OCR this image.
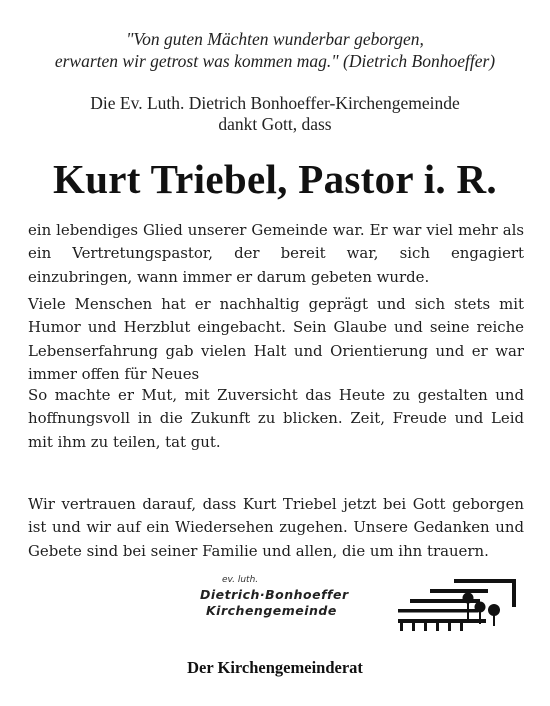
"Von guten Mächten wunderbar geborgen,
erwarten wir getrost was kommen mag." (Dietrich Bonhoeffer)
Die Ev. Luth. Dietrich Bonhoeffer-Kirchengemeinde
dankt Gott, dass
Kurt Triebel, Pastor i. R.
ein lebendiges Glied unserer Gemeinde war. Er war viel mehr als ein Vertretungspastor, der bereit war, sich engagiert einzubringen, wann immer er darum gebeten wurde.
Viele Menschen hat er nachhaltig geprägt und sich stets mit Humor und Herzblut eingebacht. Sein Glaube und seine reiche Lebenserfahrung gab vielen Halt und Orientierung und er war immer offen für Neues
So machte er Mut, mit Zuversicht das Heute zu gestalten und hoffnungsvoll in die Zukunft zu blicken. Zeit, Freude und Leid mit ihm zu teilen, tat gut.
Wir vertrauen darauf, dass Kurt Triebel jetzt bei Gott geborgen ist und wir auf ein Wiedersehen zugehen. Unsere Gedanken und Gebete sind bei seiner Familie und allen, die um ihn trauern.
ev. luth.
Dietrich·Bonhoeffer
Kirchengemeinde
Der Kirchengemeinderat
